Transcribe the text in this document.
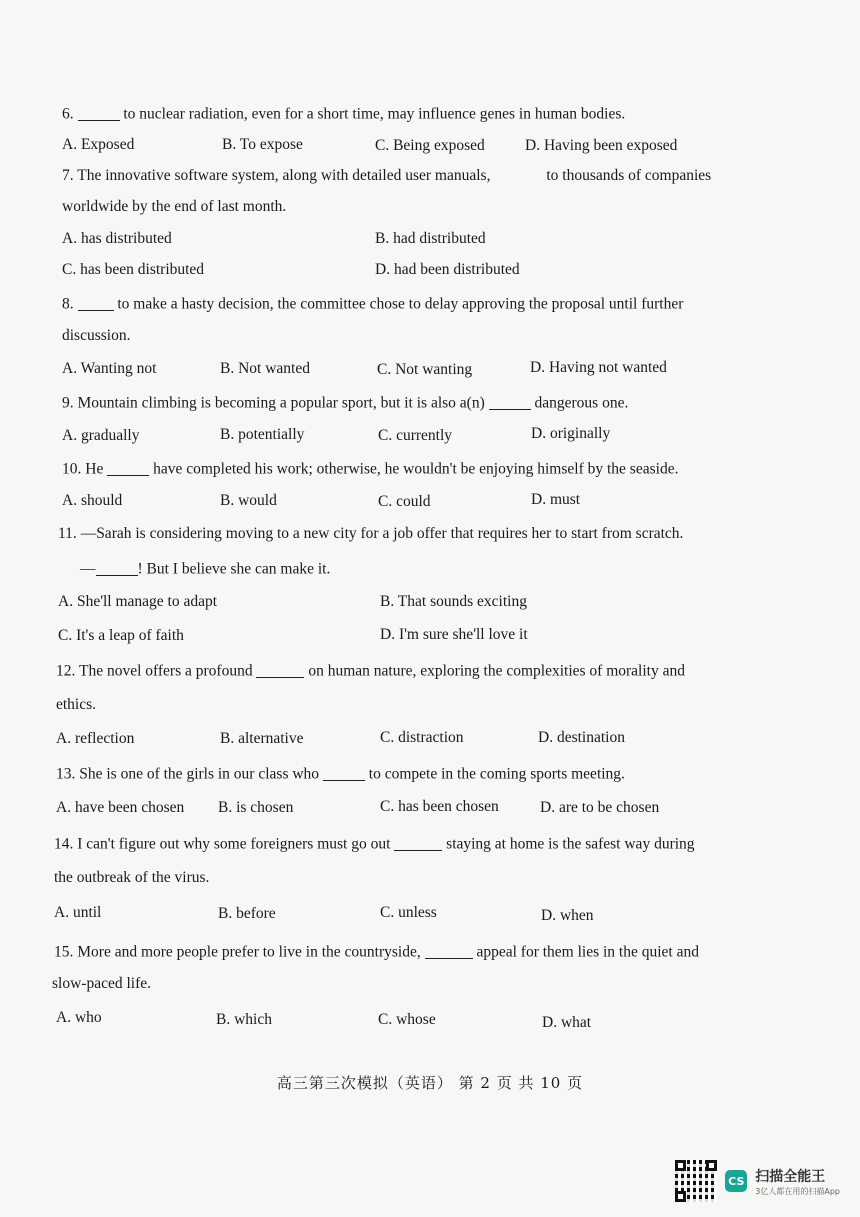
6.	to nuclear radiation, even for a short time, may influence genes in human bodies.
A. Exposed	B. To expose	C. Being exposed	D. Having been exposed
7. The innovative software system, along with detailed user manuals,	to thousands of companies
worldwide by the end of last month.
A. has distributed	B. had distributed
C. has been distributed	D. had been distributed
8.	to make a hasty decision, the committee chose to delay approving the proposal until further
discussion.
A. Wanting not	B. Not wanted	C. Not wanting	D. Having not wanted
9. Mountain climbing is becoming a popular sport, but it is also a(n)	dangerous one.
A. gradually	B. potentially	C. currently	D. originally
10. He	have completed his work; otherwise, he wouldn't be enjoying himself by the seaside.
A. should	B. would	C. could	D. must
11. —Sarah is considering moving to a new city for a job offer that requires her to start from scratch.
—	! But I believe she can make it.
A. She'll manage to adapt	B. That sounds exciting
C. It's a leap of faith	D. I'm sure she'll love it
12. The novel offers a profound	on human nature, exploring the complexities of morality and
ethics.
A. reflection	B. alternative	C. distraction	D. destination
13. She is one of the girls in our class who	to compete in the coming sports meeting.
A. have been chosen B. is chosen	C. has been chosen	D. are to be chosen
14. I can't figure out why some foreigners must go out	staying at home is the safest way during
the outbreak of the virus.
A. until	B. before	C. unless	D. when
15. More and more people prefer to live in the countryside,	appeal for them lies in the quiet and
slow-paced life.
A. who	B. which	C. whose	D. what
高三第三次模拟（英语） 第 2 页 共 10 页
CS 扫描全能王
3亿人都在用的扫描App
